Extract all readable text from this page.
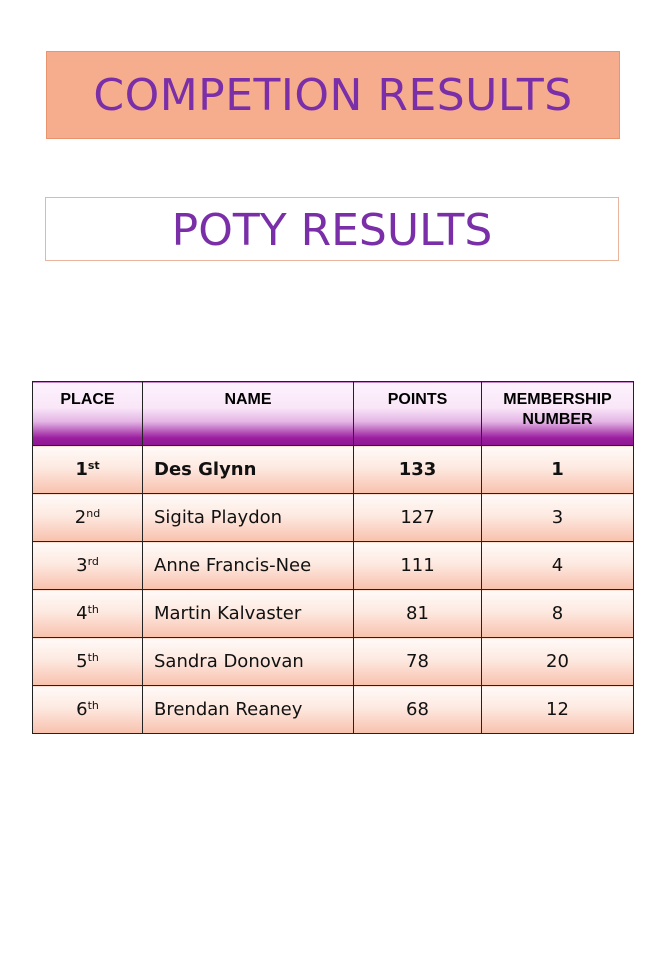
COMPETION RESULTS
POTY RESULTS
PLACE	NAME	POINTS	MEMBERSHIP
NUMBER

1st	Des Glynn	133	1
2nd	Sigita Playdon	127	3
3rd	Anne Francis-Nee	111	4
4th	Martin Kalvaster	81	8
5th	Sandra Donovan	78	20
6th	Brendan Reaney	68	12
